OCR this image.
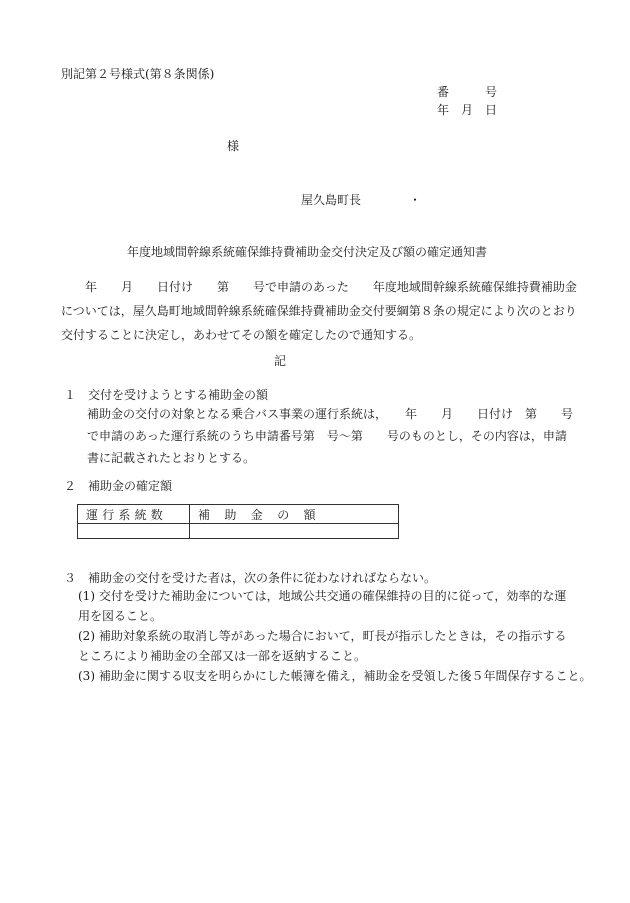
別記第２号様式(第８条関係)
番　　　号
年　月　日
様
屋久島町長　　　　・
年度地域間幹線系統確保維持費補助金交付決定及び額の確定通知書
年　　月　　日付け　　第　　号で申請のあった　　年度地域間幹線系統確保維持費補助金については，屋久島町地域間幹線系統確保維持費補助金交付要綱第８条の規定により次のとおり交付することに決定し，あわせてその額を確定したので通知する。
記
１　交付を受けようとする補助金の額
補助金の交付の対象となる乗合バス事業の運行系統は，　　年　　月　　日付け　第　　号で申請のあった運行系統のうち申請番号第　号～第　　号のものとし，その内容は，申請書に記載されたとおりとする。
２　補助金の確定額
運行系統数	補助金の額

３　補助金の交付を受けた者は，次の条件に従わなければならない。
(1) 交付を受けた補助金については，地域公共交通の確保維持の目的に従って，効率的な運用を図ること。
(2) 補助対象系統の取消し等があった場合において，町長が指示したときは，その指示するところにより補助金の全部又は一部を返納すること。
(3) 補助金に関する収支を明らかにした帳簿を備え，補助金を受領した後５年間保存すること。
